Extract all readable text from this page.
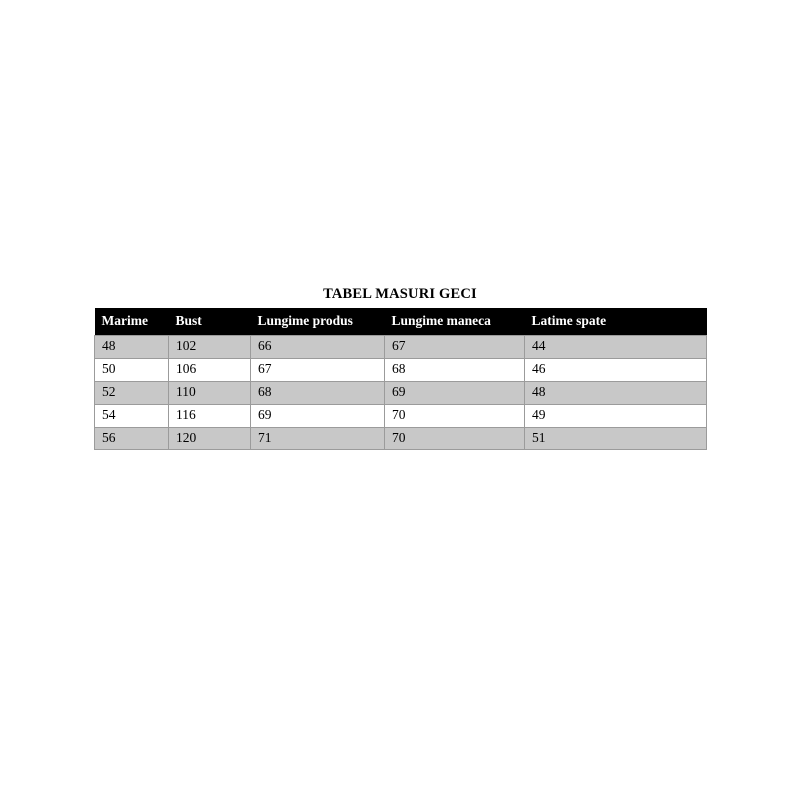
TABEL MASURI GECI
Marime	Bust	Lungime produs	Lungime maneca	Latime spate
48	102	66	67	44
50	106	67	68	46
52	110	68	69	48
54	116	69	70	49
56	120	71	70	51
